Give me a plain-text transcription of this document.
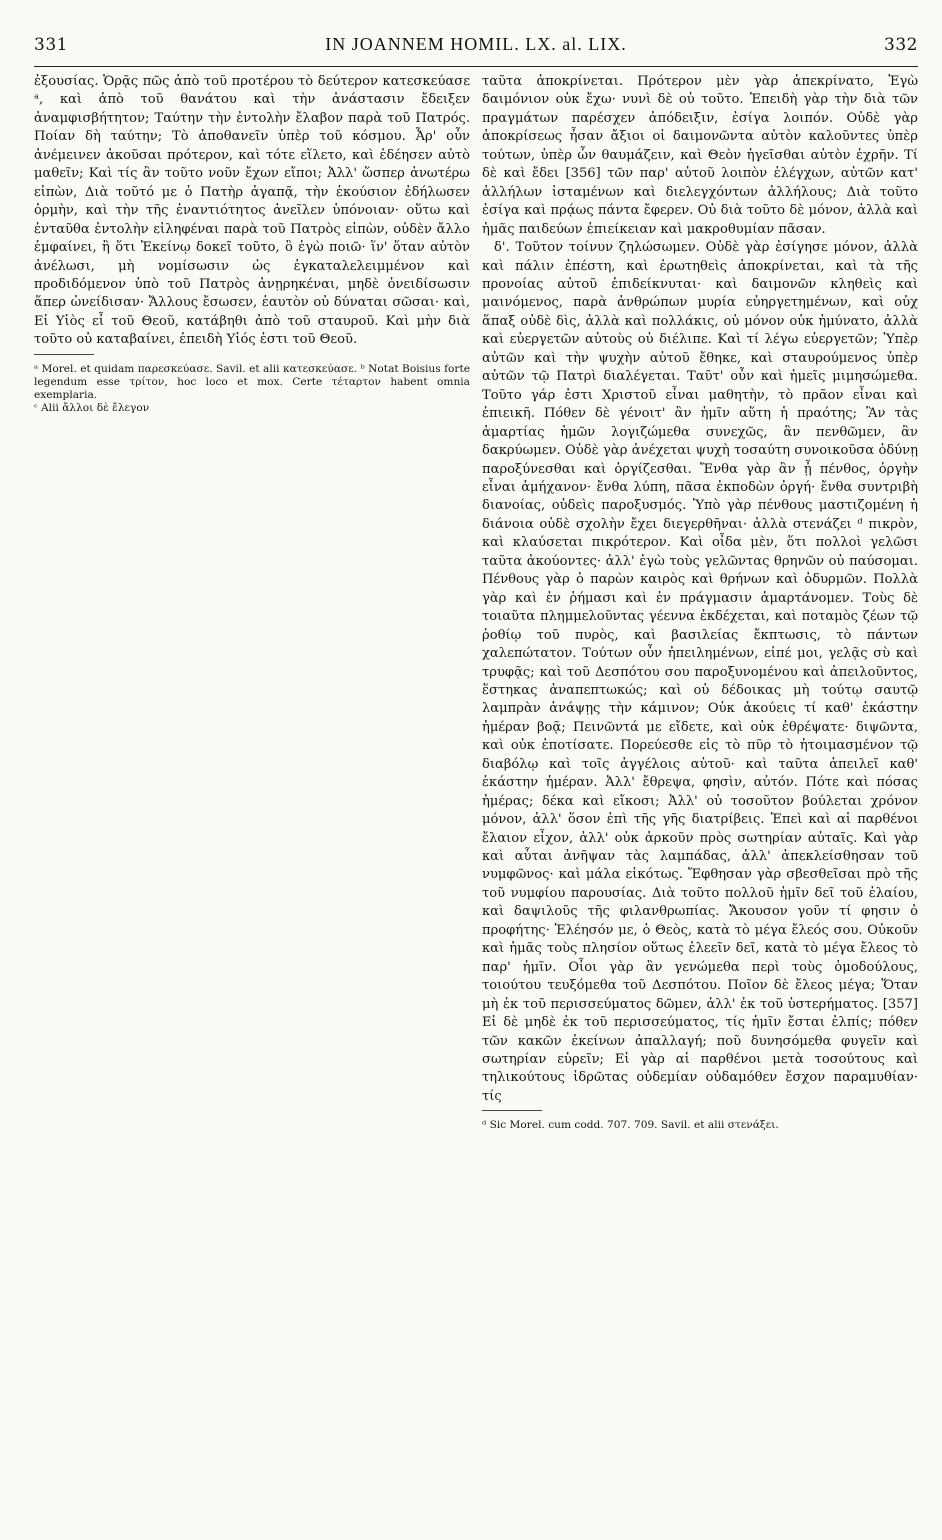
331	IN JOANNEM HOMIL. LX. al. LIX.	332

ἐξουσίας. Ὁρᾷς πῶς ἀπὸ τοῦ προτέρου τὸ δεύτερον κατεσκεύασε ᵃ, καὶ ἀπὸ τοῦ θανάτου καὶ τὴν ἀνάστασιν ἔδειξεν ἀναμφισβήτητον; Ταύτην τὴν ἐντολὴν ἔλαβον παρὰ τοῦ Πατρός. Ποίαν δὴ ταύτην; Τὸ ἀποθανεῖν ὑπὲρ τοῦ κόσμου. Ἆρ' οὖν ἀνέμεινεν ἀκοῦσαι πρότερον, καὶ τότε εἵλετο, καὶ ἐδέησεν αὐτὸ μαθεῖν; Καὶ τίς ἂν τοῦτο νοῦν ἔχων εἴποι; Ἀλλ' ὥσπερ ἀνωτέρω εἰπὼν, Διὰ τοῦτό με ὁ Πατὴρ ἀγαπᾷ, τὴν ἑκούσιον ἐδήλωσεν ὁρμὴν, καὶ τὴν τῆς ἐναντιότητος ἀνεῖλεν ὑπόνοιαν· οὕτω καὶ ἐνταῦθα ἐντολὴν εἰληφέναι παρὰ τοῦ Πατρὸς εἰπὼν, οὐδὲν ἄλλο ἐμφαίνει, ἢ ὅτι Ἐκείνῳ δοκεῖ τοῦτο, ὃ ἐγὼ ποιῶ· ἵν' ὅταν αὐτὸν ἀνέλωσι, μὴ νομίσωσιν ὡς ἐγκαταλελειμμένον καὶ προδιδόμενον ὑπὸ τοῦ Πατρὸς ἀνῃρηκέναι, μηδὲ ὀνειδίσωσιν ἅπερ ὠνείδισαν· Ἄλλους ἔσωσεν, ἑαυτὸν οὐ δύναται σῶσαι· καὶ, Εἰ Υἱὸς εἶ τοῦ Θεοῦ, κατάβηθι ἀπὸ τοῦ σταυροῦ. Καὶ μὴν διὰ τοῦτο οὐ καταβαίνει, ἐπειδὴ Υἱός ἐστι τοῦ Θεοῦ.

ᵃ Morel. et quidam παρεσκεύασε. Savil. et alii κατεσκεύασε. ᵇ Notat Boisius forte legendum esse τρίτον, hoc loco et mox. Certe τέταρτον habent omnia exemplaria.
ᶜ Alii ἄλλοι δὲ ἔλεγον

ταῦτα ἀποκρίνεται. Πρότερον μὲν γὰρ ἀπεκρίνατο, Ἐγὼ δαιμόνιον οὐκ ἔχω· νυνὶ δὲ οὐ τοῦτο. Ἐπειδὴ γὰρ τὴν διὰ τῶν πραγμάτων παρέσχεν ἀπόδειξιν, ἐσίγα λοιπόν. Οὐδὲ γὰρ ἀποκρίσεως ἦσαν ἄξιοι οἱ δαιμονῶντα αὐτὸν καλοῦντες ὑπὲρ τούτων, ὑπὲρ ὧν θαυμάζειν, καὶ Θεὸν ἡγεῖσθαι αὐτὸν ἐχρῆν. Τί δὲ καὶ ἔδει [356] τῶν παρ' αὐτοῦ λοιπὸν ἐλέγχων, αὐτῶν κατ' ἀλλήλων ἱσταμένων καὶ διελεγχόντων ἀλλήλους; Διὰ τοῦτο ἐσίγα καὶ πρᾴως πάντα ἔφερεν. Οὐ διὰ τοῦτο δὲ μόνον, ἀλλὰ καὶ ἡμᾶς παιδεύων ἐπιείκειαν καὶ μακροθυμίαν πᾶσαν.

δ'. Τοῦτον τοίνυν ζηλώσωμεν. Οὐδὲ γὰρ ἐσίγησε μόνον, ἀλλὰ καὶ πάλιν ἐπέστη, καὶ ἐρωτηθεὶς ἀποκρίνεται, καὶ τὰ τῆς προνοίας αὐτοῦ ἐπιδείκνυται· καὶ δαιμονῶν κληθεὶς καὶ μαινόμενος, παρὰ ἀνθρώπων μυρία εὐηργετημένων, καὶ οὐχ ἅπαξ οὐδὲ δὶς, ἀλλὰ καὶ πολλάκις, οὐ μόνον οὐκ ἠμύνατο, ἀλλὰ καὶ εὐεργετῶν αὐτοὺς οὐ διέλιπε. Καὶ τί λέγω εὐεργετῶν; Ὑπὲρ αὐτῶν καὶ τὴν ψυχὴν αὐτοῦ ἔθηκε, καὶ σταυρούμενος ὑπὲρ αὐτῶν τῷ Πατρὶ διαλέγεται. Ταῦτ' οὖν καὶ ἡμεῖς μιμησώμεθα. Τοῦτο γάρ ἐστι Χριστοῦ εἶναι μαθητὴν, τὸ πρᾶον εἶναι καὶ ἐπιεικῆ. Πόθεν δὲ γένοιτ' ἂν ἡμῖν αὕτη ἡ πραότης; Ἂν τὰς ἁμαρτίας ἡμῶν λογιζώμεθα συνεχῶς, ἂν πενθῶμεν, ἂν δακρύωμεν. Οὐδὲ γὰρ ἀνέχεται ψυχὴ τοσαύτη συνοικοῦσα ὀδύνῃ παροξύνεσθαι καὶ ὀργίζεσθαι. Ἔνθα γὰρ ἂν ᾖ πένθος, ὀργὴν εἶναι ἀμήχανον· ἔνθα λύπη, πᾶσα ἐκποδὼν ὀργή· ἔνθα συντριβὴ διανοίας, οὐδεὶς παροξυσμός. Ὑπὸ γὰρ πένθους μαστιζομένη ἡ διάνοια οὐδὲ σχολὴν ἔχει διεγερθῆναι· ἀλλὰ στενάζει ᵈ πικρὸν, καὶ κλαύσεται πικρότερον. Καὶ οἶδα μὲν, ὅτι πολλοὶ γελῶσι ταῦτα ἀκούοντες· ἀλλ' ἐγὼ τοὺς γελῶντας θρηνῶν οὐ παύσομαι. Πένθους γὰρ ὁ παρὼν καιρὸς καὶ θρήνων καὶ ὀδυρμῶν. Πολλὰ γὰρ καὶ ἐν ῥήμασι καὶ ἐν πράγμασιν ἁμαρτάνομεν. Τοὺς δὲ τοιαῦτα πλημμελοῦντας γέεννα ἐκδέχεται, καὶ ποταμὸς ζέων τῷ ῥοθίῳ τοῦ πυρὸς, καὶ βασιλείας ἔκπτωσις, τὸ πάντων χαλεπώτατον. Τούτων οὖν ἠπειλημένων, εἰπέ μοι, γελᾷς σὺ καὶ τρυφᾷς; καὶ τοῦ Δεσπότου σου παροξυνομένου καὶ ἀπειλοῦντος, ἕστηκας ἀναπεπτωκώς; καὶ οὐ δέδοικας μὴ τούτῳ σαυτῷ λαμπρὰν ἀνάψῃς τὴν κάμινον; Οὐκ ἀκούεις τί καθ' ἑκάστην ἡμέραν βοᾷ; Πεινῶντά με εἴδετε, καὶ οὐκ ἐθρέψατε· διψῶντα, καὶ οὐκ ἐποτίσατε. Πορεύεσθε εἰς τὸ πῦρ τὸ ἡτοιμασμένον τῷ διαβόλῳ καὶ τοῖς ἀγγέλοις αὐτοῦ· καὶ ταῦτα ἀπειλεῖ καθ' ἑκάστην ἡμέραν. Ἀλλ' ἔθρεψα, φησὶν, αὐτόν. Πότε καὶ πόσας ἡμέρας; δέκα καὶ εἴκοσι; Ἀλλ' οὐ τοσοῦτον βούλεται χρόνον μόνον, ἀλλ' ὅσον ἐπὶ τῆς γῆς διατρίβεις. Ἐπεὶ καὶ αἱ παρθένοι ἔλαιον εἶχον, ἀλλ' οὐκ ἀρκοῦν πρὸς σωτηρίαν αὐταῖς. Καὶ γὰρ καὶ αὗται ἀνῆψαν τὰς λαμπάδας, ἀλλ' ἀπεκλείσθησαν τοῦ νυμφῶνος· καὶ μάλα εἰκότως. Ἔφθησαν γὰρ σβεσθεῖσαι πρὸ τῆς τοῦ νυμφίου παρουσίας. Διὰ τοῦτο πολλοῦ ἡμῖν δεῖ τοῦ ἐλαίου, καὶ δαψιλοῦς τῆς φιλανθρωπίας. Ἄκουσον γοῦν τί φησιν ὁ προφήτης· Ἐλέησόν με, ὁ Θεὸς, κατὰ τὸ μέγα ἔλεός σου. Οὐκοῦν καὶ ἡμᾶς τοὺς πλησίον οὕτως ἐλεεῖν δεῖ, κατὰ τὸ μέγα ἔλεος τὸ παρ' ἡμῖν. Οἷοι γὰρ ἂν γενώμεθα περὶ τοὺς ὁμοδούλους, τοιούτου τευξόμεθα τοῦ Δεσπότου. Ποῖον δὲ ἔλεος μέγα; Ὅταν μὴ ἐκ τοῦ περισσεύματος δῶμεν, ἀλλ' ἐκ τοῦ ὑστερήματος. [357] Εἰ δὲ μηδὲ ἐκ τοῦ περισσεύματος, τίς ἡμῖν ἔσται ἐλπίς; πόθεν τῶν κακῶν ἐκείνων ἀπαλλαγή; ποῦ δυνησόμεθα φυγεῖν καὶ σωτηρίαν εὑρεῖν; Εἰ γὰρ αἱ παρθένοι μετὰ τοσούτους καὶ τηλικούτους ἱδρῶτας οὐδεμίαν οὐδαμόθεν ἔσχον παραμυθίαν· τίς

ᵈ Sic Morel. cum codd. 707. 709. Savil. et alii στενάξει.
